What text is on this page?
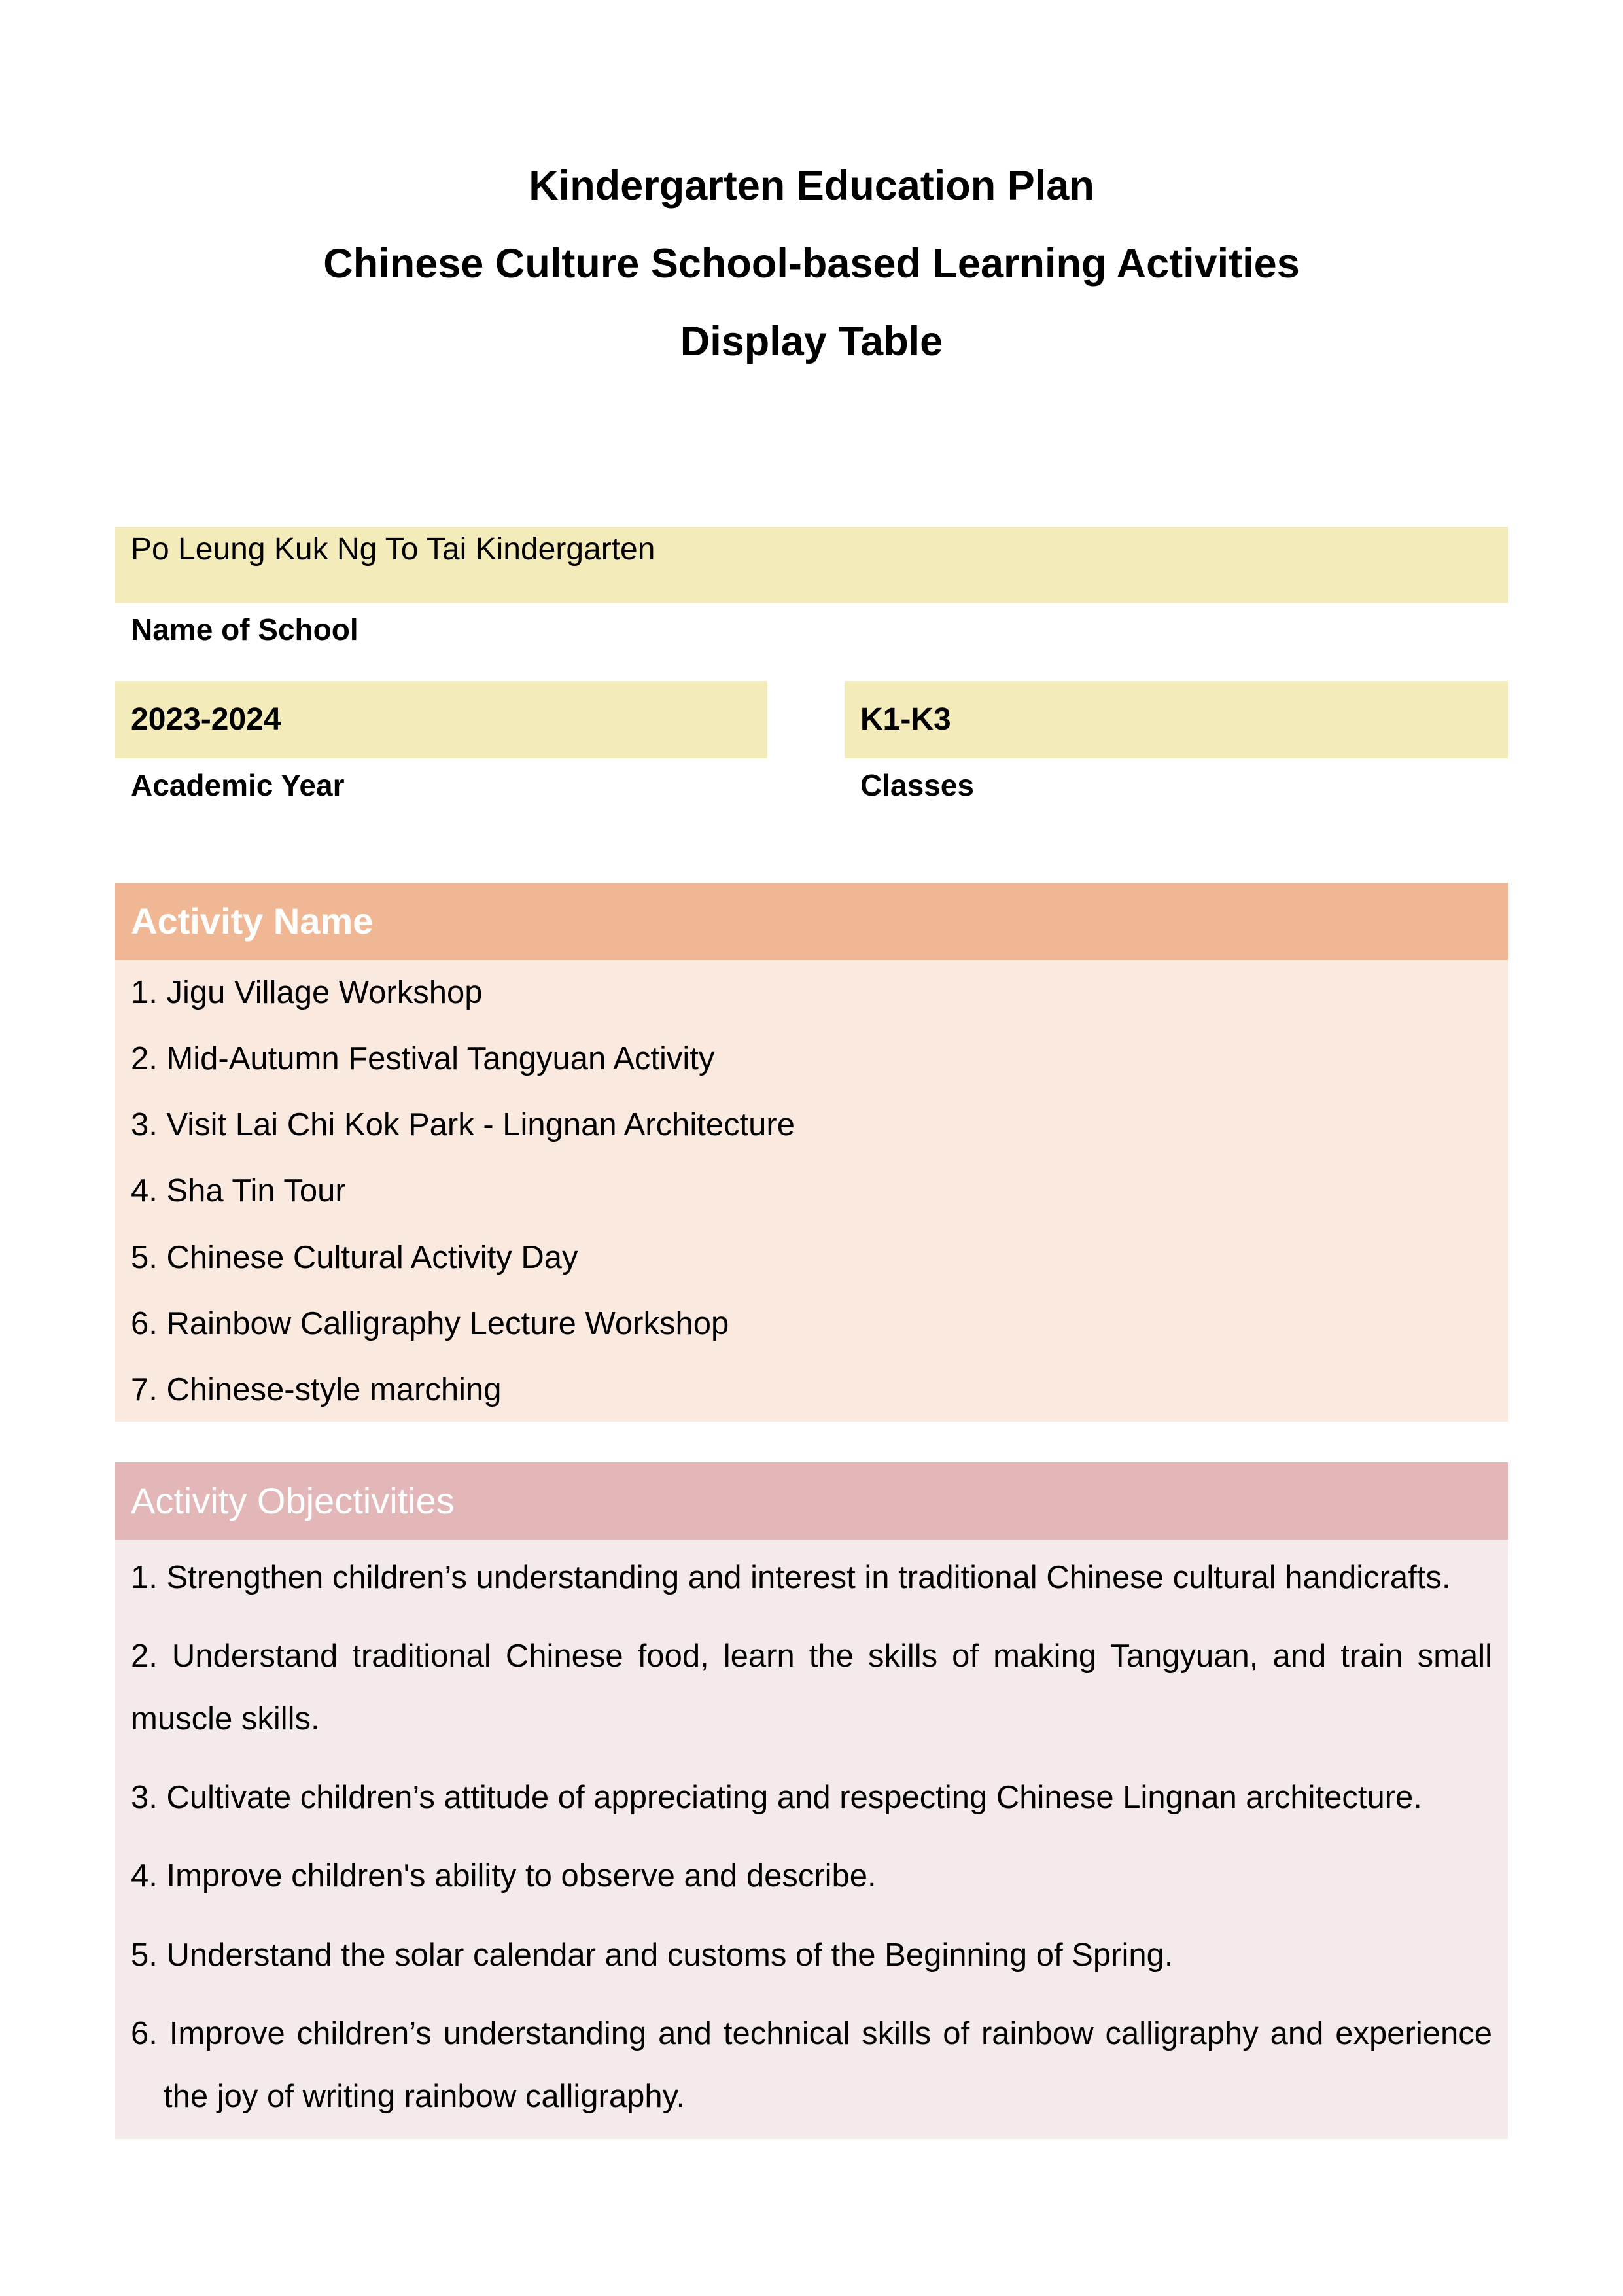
Kindergarten Education Plan
Chinese Culture School-based Learning Activities
Display Table
Po Leung Kuk Ng To Tai Kindergarten
Name of School
2023-2024
Academic Year
K1-K3
Classes
Activity Name
1. Jigu Village Workshop
2. Mid-Autumn Festival Tangyuan Activity
3. Visit Lai Chi Kok Park - Lingnan Architecture
4. Sha Tin Tour
5. Chinese Cultural Activity Day
6. Rainbow Calligraphy Lecture Workshop
7. Chinese-style marching
Activity Objectivities
1. Strengthen children’s understanding and interest in traditional Chinese cultural handicrafts.
2. Understand traditional Chinese food, learn the skills of making Tangyuan, and train small muscle skills.
3. Cultivate children’s attitude of appreciating and respecting Chinese Lingnan architecture.
4. Improve children's ability to observe and describe.
5. Understand the solar calendar and customs of the Beginning of Spring.
6. Improve children’s understanding and technical skills of rainbow calligraphy and experience the joy of writing rainbow calligraphy.
